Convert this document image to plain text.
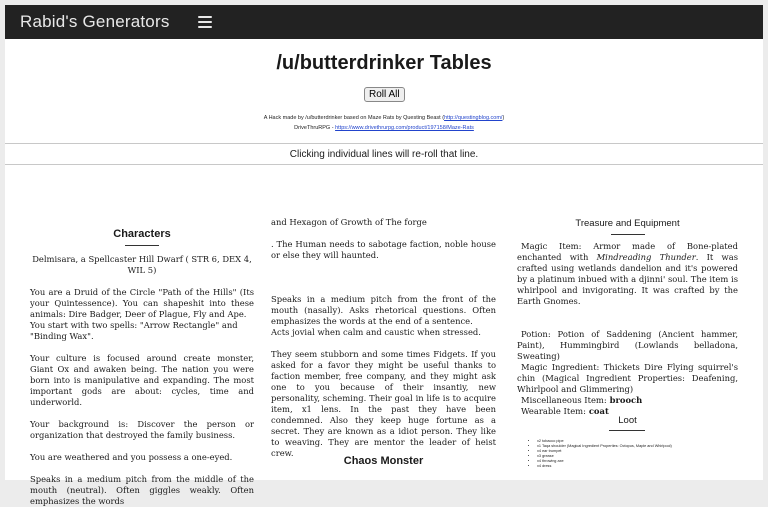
Rabid's Generators
/u/butterdrinker Tables
Roll All
A Hack made by /u/butterdrinker based on Maze Rats by Questing Beast (http://questingblog.com/)
DriveThruRPG - https://www.drivethrurpg.com/product/197158/Maze-Rats
Clicking individual lines will re-roll that line.
Characters

Delmisara, a Spellcaster Hill Dwarf ( STR 6, DEX 4, WIL 5)

You are a Druid of the Circle "Path of the Hills" (Its your Quintessence). You can shapeshit into these animals: Dire Badger, Deer of Plague, Fly and Ape.

You start with two spells: "Arrow Rectangle" and "Binding Wax".

Your culture is focused around create monster, Giant Ox and awaken being. The nation you were born into is manipulative and expanding. The most important gods are about: cycles, time and underworld.

Your background is: Discover the person or organization that destroyed the family business.

You are weathered and you possess a one-eyed.

Speaks in a medium pitch from the middle of the mouth (neutral). Often giggles weakly. Often emphasizes the words

and Hexagon of Growth of The forge

. The Human needs to sabotage faction, noble house or else they will haunted.

Speaks in a medium pitch from the front of the mouth (nasally). Asks rhetorical questions. Often emphasizes the words at the end of a sentence.

Acts jovial when calm and caustic when stressed.

They seem stubborn and some times Fidgets. If you asked for a favor they might be useful thanks to faction member, free company, and they might ask one to you because of their insantiy, new personality, scheming. Their goal in life is to acquire item, x1 lens. In the past they have been condemned. Also they keep huge fortune as a secret. They are known as a idiot person. They like to weaving. They are mentor the leader of heist crew.

Chaos Monster
Treasure and Equipment

Magic Item: Armor made of Bone-plated enchanted with Mindreading Thunder. It was crafted using wetlands dandelion and it's powered by a platinum inbued with a djinni' soul. The item is whirlpool and invigorating. It was crafted by the Earth Gnomes.

Potion: Potion of Saddening (Ancient hammer, Paint), Hummingbird (Lowlands belladona, Sweating)

Magic Ingredient: Thickets Dire Flying squirrel's chin (Magical Ingredient Properties: Deafening, Whirlpool and Glimmering)

Miscellaneous Item: brooch

Wearable Item: coat

Loot
• x2 tobacco pipe
• x1 Taqa shoulder (Magical Ingredient Properties: Octopus, Maple and Whirlpool)
• x4 ear trumpet
• x3 grease
• x4 throwing axe
• x4 dress
